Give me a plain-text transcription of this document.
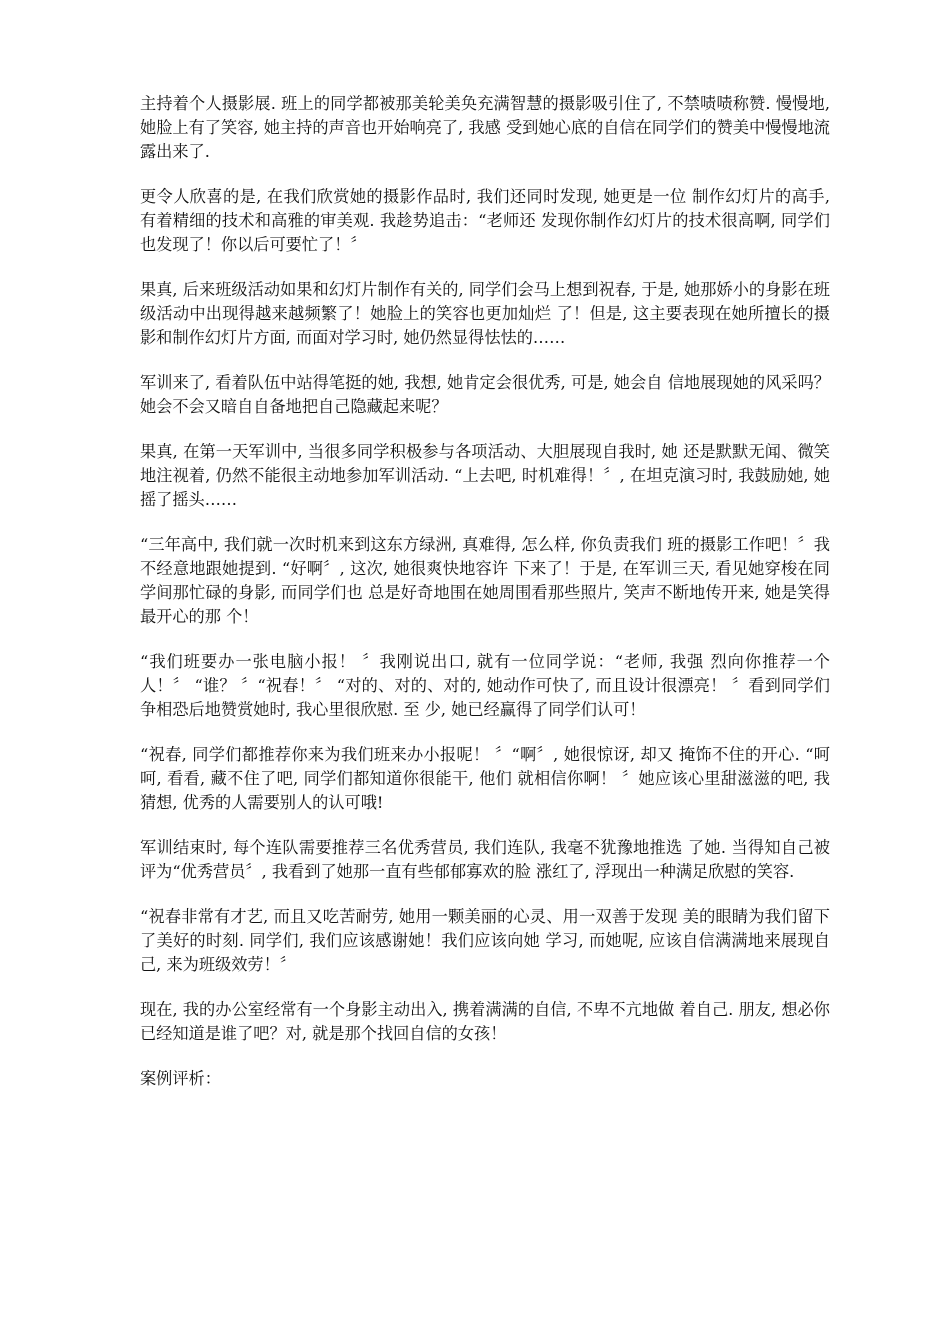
主持着个人摄影展. 班上的同学都被那美轮美奂充满智慧的摄影吸引住了, 不禁啧啧称赞. 慢慢地, 她脸上有了笑容, 她主持的声音也开始响亮了, 我感 受到她心底的自信在同学们的赞美中慢慢地流露出来了.

更令人欣喜的是, 在我们欣赏她的摄影作品时, 我们还同时发现, 她更是一位 制作幻灯片的高手, 有着精细的技术和高雅的审美观. 我趁势追击：“老师还 发现你制作幻灯片的技术很高啊, 同学们也发现了！你以后可要忙了！〞

果真, 后来班级活动如果和幻灯片制作有关的, 同学们会马上想到祝春, 于是, 她那娇小的身影在班级活动中出现得越来越频繁了！她脸上的笑容也更加灿烂 了！但是, 这主要表现在她所擅长的摄影和制作幻灯片方面, 而面对学习时, 她仍然显得怯怯的……

军训来了, 看着队伍中站得笔挺的她, 我想, 她肯定会很优秀, 可是, 她会自 信地展现她的风采吗？她会不会又暗自自备地把自己隐藏起来呢？

果真, 在第一天军训中, 当很多同学积极参与各项活动、大胆展现自我时, 她 还是默默无闻、微笑地注视着, 仍然不能很主动地参加军训活动. “上去吧, 时机难得！〞, 在坦克演习时, 我鼓励她, 她摇了摇头……

“三年高中, 我们就一次时机来到这东方绿洲, 真难得, 怎么样, 你负责我们 班的摄影工作吧！〞我不经意地跟她提到. “好啊〞, 这次, 她很爽快地容许 下来了！于是, 在军训三天, 看见她穿梭在同学间那忙碌的身影, 而同学们也 总是好奇地围在她周围看那些照片, 笑声不断地传开来, 她是笑得最开心的那 个！

“我们班要办一张电脑小报！ 〞我刚说出口, 就有一位同学说：“老师, 我强 烈向你推荐一个人！〞 “谁？ 〞“祝春！〞 “对的、对的、对的, 她动作可快了, 而且设计很漂亮！ 〞看到同学们争相恐后地赞赏她时, 我心里很欣慰. 至 少, 她已经赢得了同学们认可！

“祝春, 同学们都推荐你来为我们班来办小报呢！ 〞“啊〞, 她很惊讶, 却又 掩饰不住的开心. “呵呵, 看看, 藏不住了吧, 同学们都知道你很能干, 他们 就相信你啊！ 〞她应该心里甜滋滋的吧, 我猜想, 优秀的人需要别人的认可哦!

军训结束时, 每个连队需要推荐三名优秀营员, 我们连队, 我毫不犹豫地推选 了她. 当得知自己被评为“优秀营员〞, 我看到了她那一直有些郁郁寡欢的脸 涨红了, 浮现出一种满足欣慰的笑容.

“祝春非常有才艺, 而且又吃苦耐劳, 她用一颗美丽的心灵、用一双善于发现 美的眼睛为我们留下了美好的时刻. 同学们, 我们应该感谢她！我们应该向她 学习, 而她呢, 应该自信满满地来展现自己, 来为班级效劳！〞

现在, 我的办公室经常有一个身影主动出入, 携着满满的自信, 不卑不亢地做 着自己. 朋友, 想必你已经知道是谁了吧？对, 就是那个找回自信的女孩！

案例评析：
